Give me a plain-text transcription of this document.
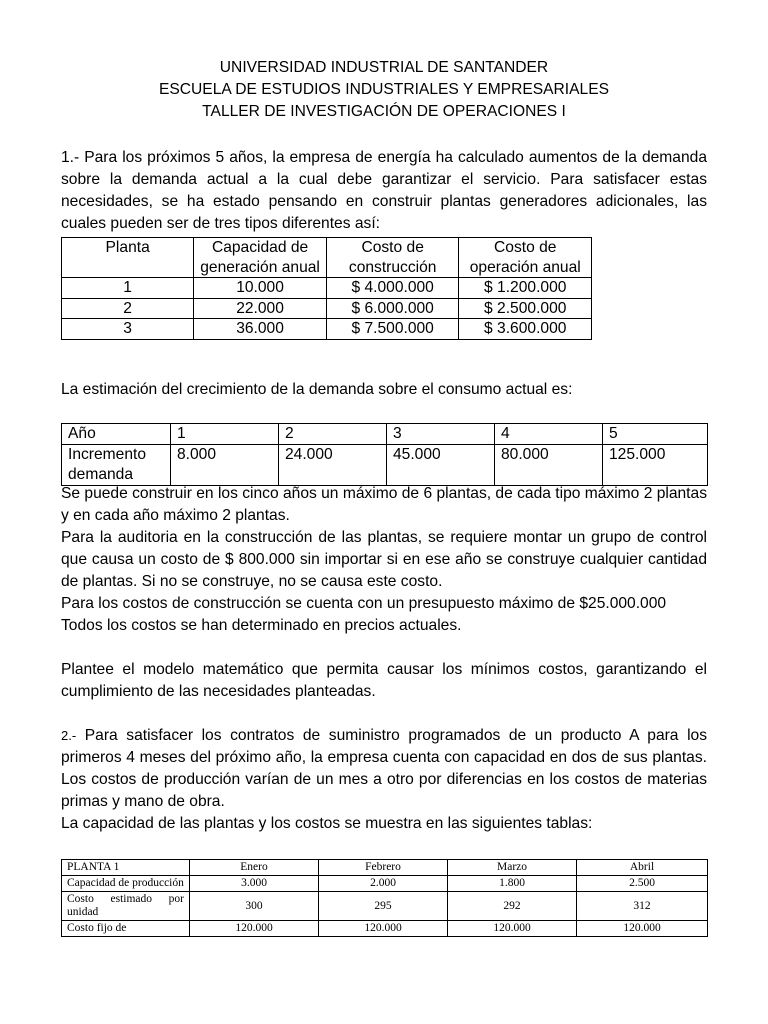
UNIVERSIDAD INDUSTRIAL DE SANTANDER
ESCUELA DE ESTUDIOS INDUSTRIALES Y EMPRESARIALES
TALLER DE INVESTIGACIÓN DE OPERACIONES I
1.- Para los próximos 5 años, la empresa de energía ha calculado aumentos de la demanda sobre la demanda actual a la cual debe garantizar el servicio. Para satisfacer estas necesidades, se ha estado pensando en construir plantas generadores adicionales, las cuales pueden ser de tres tipos diferentes así:
Planta	Capacidad de generación anual	Costo de construcción	Costo de operación anual
1	10.000	$ 4.000.000	$ 1.200.000
2	22.000	$ 6.000.000	$ 2.500.000
3	36.000	$ 7.500.000	$ 3.600.000
La estimación del crecimiento de la demanda sobre el consumo actual es:
Año	1	2	3	4	5
Incremento demanda	8.000	24.000	45.000	80.000	125.000
Se puede construir en los cinco años un máximo de 6 plantas, de cada tipo máximo 2 plantas y en cada año máximo 2 plantas.
Para la auditoria en la construcción de las plantas, se requiere montar un grupo de control que causa un costo de $ 800.000 sin importar si en ese año se construye cualquier cantidad de plantas. Si no se construye, no se causa este costo.
Para los costos de construcción se cuenta con un presupuesto máximo de $25.000.000
Todos los costos se han determinado en precios actuales.
Plantee el modelo matemático que permita causar los mínimos costos, garantizando el cumplimiento de las necesidades planteadas.
2.- Para satisfacer los contratos de suministro programados de un producto A para los primeros 4 meses del próximo año, la empresa cuenta con capacidad en dos de sus plantas. Los costos de producción varían de un mes a otro por diferencias en los costos de materias primas y mano de obra.
La capacidad de las plantas y los costos se muestra en las siguientes tablas:
PLANTA 1	Enero	Febrero	Marzo	Abril
Capacidad de producción	3.000	2.000	1.800	2.500
Costo estimado por unidad	300	295	292	312
Costo fijo de	120.000	120.000	120.000	120.000
